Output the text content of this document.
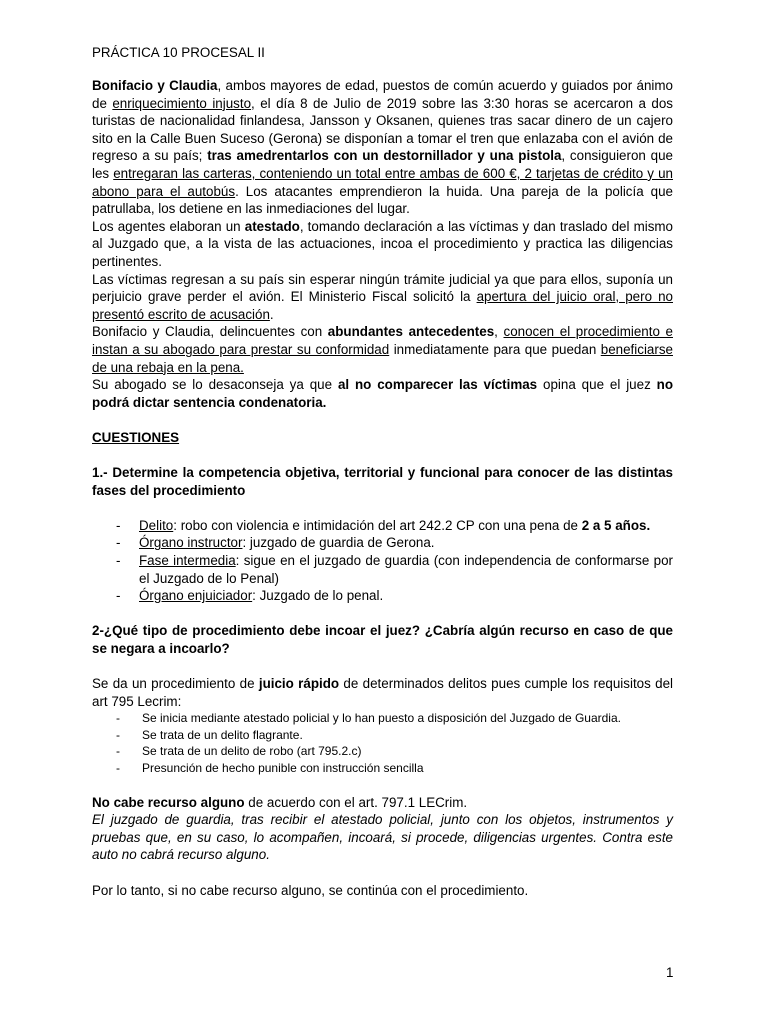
PRÁCTICA 10 PROCESAL II

Bonifacio y Claudia, ambos mayores de edad, puestos de común acuerdo y guiados por ánimo de enriquecimiento injusto, el día 8 de Julio de 2019 sobre las 3:30 horas se acercaron a dos turistas de nacionalidad finlandesa, Jansson y Oksanen, quienes tras sacar dinero de un cajero sito en la Calle Buen Suceso (Gerona) se disponían a tomar el tren que enlazaba con el avión de regreso a su país; tras amedrentarlos con un destornillador y una pistola, consiguieron que les entregaran las carteras, conteniendo un total entre ambas de 600 €, 2 tarjetas de crédito y un abono para el autobús. Los atacantes emprendieron la huida. Una pareja de la policía que patrullaba, los detiene en las inmediaciones del lugar.

Los agentes elaboran un atestado, tomando declaración a las víctimas y dan traslado del mismo al Juzgado que, a la vista de las actuaciones, incoa el procedimiento y practica las diligencias pertinentes.

Las víctimas regresan a su país sin esperar ningún trámite judicial ya que para ellos, suponía un perjuicio grave perder el avión. El Ministerio Fiscal solicitó la apertura del juicio oral, pero no presentó escrito de acusación.

Bonifacio y Claudia, delincuentes con abundantes antecedentes, conocen el procedimiento e instan a su abogado para prestar su conformidad inmediatamente para que puedan beneficiarse de una rebaja en la pena.

Su abogado se lo desaconseja ya que al no comparecer las víctimas opina que el juez no podrá dictar sentencia condenatoria.

CUESTIONES

1.- Determine la competencia objetiva, territorial y funcional para conocer de las distintas fases del procedimiento

- Delito: robo con violencia e intimidación del art 242.2 CP con una pena de 2 a 5 años.
- Órgano instructor: juzgado de guardia de Gerona.
- Fase intermedia: sigue en el juzgado de guardia (con independencia de conformarse por el Juzgado de lo Penal)
- Órgano enjuiciador: Juzgado de lo penal.

2-¿Qué tipo de procedimiento debe incoar el juez? ¿Cabría algún recurso en caso de que se negara a incoarlo?

Se da un procedimiento de juicio rápido de determinados delitos pues cumple los requisitos del art 795 Lecrim:

- Se inicia mediante atestado policial y lo han puesto a disposición del Juzgado de Guardia.
- Se trata de un delito flagrante.
- Se trata de un delito de robo (art 795.2.c)
- Presunción de hecho punible con instrucción sencilla

No cabe recurso alguno de acuerdo con el art. 797.1 LECrim.

El juzgado de guardia, tras recibir el atestado policial, junto con los objetos, instrumentos y pruebas que, en su caso, lo acompañen, incoará, si procede, diligencias urgentes. Contra este auto no cabrá recurso alguno.

Por lo tanto, si no cabe recurso alguno, se continúa con el procedimiento.

1
